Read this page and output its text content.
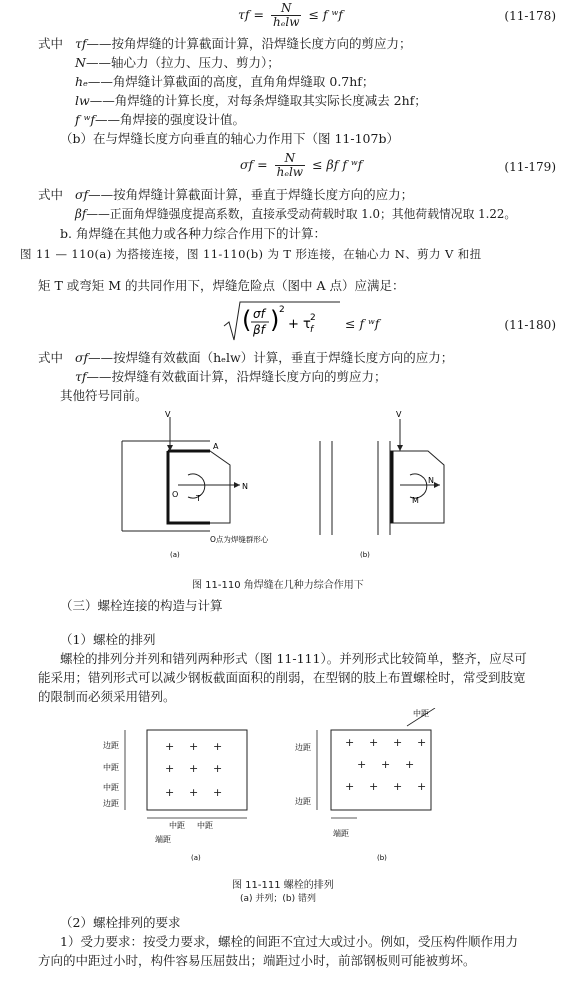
$\tau f = \frac{N}{\text{hₑlw}} \le f$ ʷf	(11-178)
式中 τf——按角焊缝的计算截面计算，沿焊缝长度方向的剪应力；
N——轴心力（拉力、压力、剪力）；
hₑ——角焊缝计算截面的高度，直角角焊缝取 0.7hf；
lw——角焊缝的计算长度，对每条焊缝取其实际长度减去 2hf；
f ʷf——角焊接的强度设计值。
（b）在与焊缝长度方向垂直的轴心力作用下（图 11-107b）
$\sigma f = \frac{N}{\text{hₑlw}} \le \beta f$ f ʷf	(11-179)
式中 σf——按角焊缝计算截面计算，垂直于焊缝长度方向的应力；
βf——正面角焊缝强度提高系数，直接承受动荷载时取 1.0；其他荷载情况取 1.22。
b. 角焊缝在其他力或各种力综合作用下的计算：
图 11 — 110(a) 为搭接连接，图 11-110(b) 为 T 形连接，在轴心力 N、剪力 V 和扭
矩 T 或弯矩 M 的共同作用下，焊缝危险点（图中 A 点）应满足：
( σf
βf ) 2
+ τ 2
f	≤ f ʷf	(11-180)
式中 σf——按焊缝有效截面（hₑlw）计算，垂直于焊缝长度方向的应力；
τf——按焊缝有效截面计算，沿焊缝长度方向的剪应力；
其他符号同前。
V
A
N
O T
O点为焊缝群形心
(a)
V
N
M
(b)
图 11-110 角焊缝在几种力综合作用下
（三）螺栓连接的构造与计算
（1）螺栓的排列
螺栓的排列分并列和错列两种形式（图 11-111）。并列形式比较简单，整齐，应尽可
能采用；错列形式可以减少钢板截面面积的削弱，在型钢的肢上布置螺栓时，常受到肢宽
的限制而必须采用错列。
+ + +
+ + +
+ + +
边距
中距
中距
边距
中距 中距
端距
(a)
+ + + +
+ + +
+ + + +
边距
边距
中距
端距
(b)
图 11-111 螺栓的排列
(a) 并列；(b) 错列
（2）螺栓排列的要求
1）受力要求：按受力要求，螺栓的间距不宜过大或过小。例如，受压构件顺作用力
方向的中距过小时，构件容易压屈鼓出；端距过小时，前部钢板则可能被剪坏。
